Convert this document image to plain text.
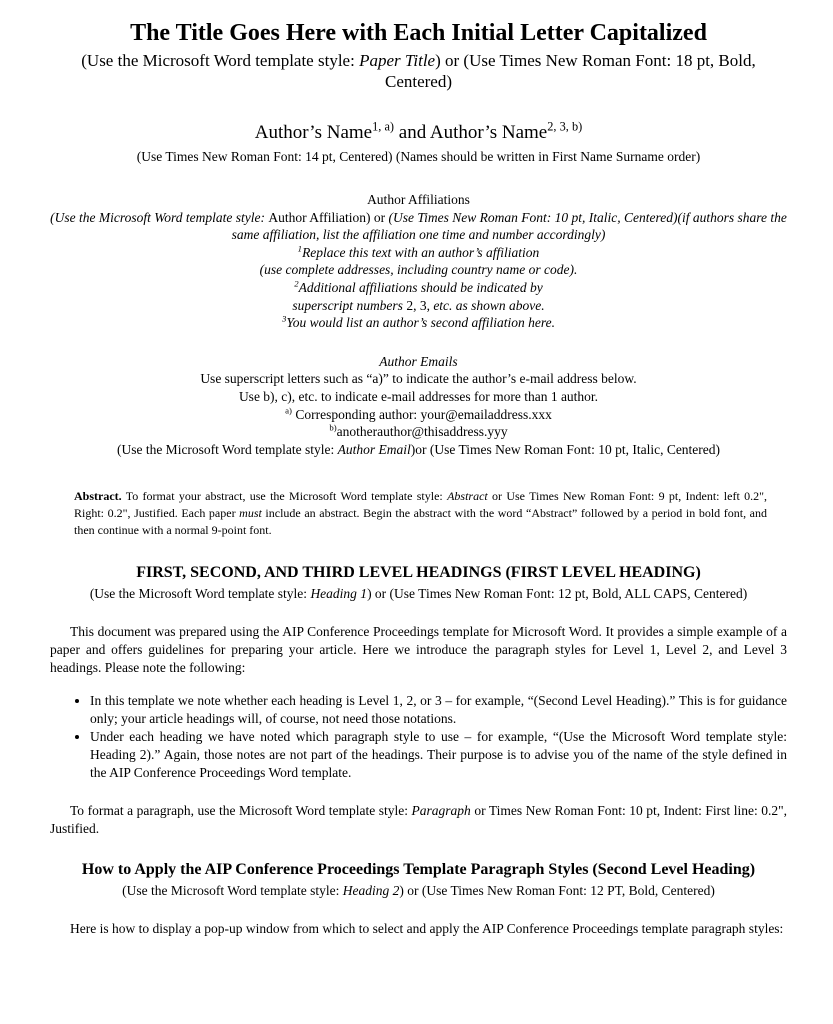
The Title Goes Here with Each Initial Letter Capitalized

(Use the Microsoft Word template style: Paper Title) or (Use Times New Roman Font: 18 pt, Bold, Centered)

Author’s Name$^{1, a)}$ and Author’s Name$^{2, 3, b)}$

(Use Times New Roman Font: 14 pt, Centered) (Names should be written in First Name Surname order)

Author Affiliations

(Use the Microsoft Word template style: Author Affiliation) or (Use Times New Roman Font: 10 pt, Italic, Centered)(if authors share the same affiliation, list the affiliation one time and number accordingly)

$^1$Replace this text with an author’s affiliation

(use complete addresses, including country name or code).

$^2$Additional affiliations should be indicated by

superscript numbers 2, 3, etc. as shown above.

$^3$You would list an author’s second affiliation here.

Author Emails

Use superscript letters such as “a)” to indicate the author’s e-mail address below.

Use b), c), etc. to indicate e-mail addresses for more than 1 author.

$^{a)}$ Corresponding author: your@emailaddress.xxx

$^{b)}$anotherauthor@thisaddress.yyy

(Use the Microsoft Word template style: Author Email)or (Use Times New Roman Font: 10 pt, Italic, Centered)

Abstract. To format your abstract, use the Microsoft Word template style: Abstract or Use Times New Roman Font: 9 pt, Indent: left 0.2", Right: 0.2", Justified. Each paper must include an abstract. Begin the abstract with the word “Abstract” followed by a period in bold font, and then continue with a normal 9-point font.

FIRST, SECOND, AND THIRD LEVEL HEADINGS (FIRST LEVEL HEADING)

(Use the Microsoft Word template style: Heading 1) or (Use Times New Roman Font: 12 pt, Bold, ALL CAPS, Centered)

This document was prepared using the AIP Conference Proceedings template for Microsoft Word. It provides a simple example of a paper and offers guidelines for preparing your article. Here we introduce the paragraph styles for Level 1, Level 2, and Level 3 headings. Please note the following:

• In this template we note whether each heading is Level 1, 2, or 3 – for example, “(Second Level Heading).” This is for guidance only; your article headings will, of course, not need those notations.
• Under each heading we have noted which paragraph style to use – for example, “(Use the Microsoft Word template style: Heading 2).” Again, those notes are not part of the headings. Their purpose is to advise you of the name of the style defined in the AIP Conference Proceedings Word template.

To format a paragraph, use the Microsoft Word template style: Paragraph or Times New Roman Font: 10 pt, Indent: First line: 0.2", Justified.

How to Apply the AIP Conference Proceedings Template Paragraph Styles (Second Level Heading)

(Use the Microsoft Word template style: Heading 2) or (Use Times New Roman Font: 12 PT, Bold, Centered)

Here is how to display a pop-up window from which to select and apply the AIP Conference Proceedings template paragraph styles:
